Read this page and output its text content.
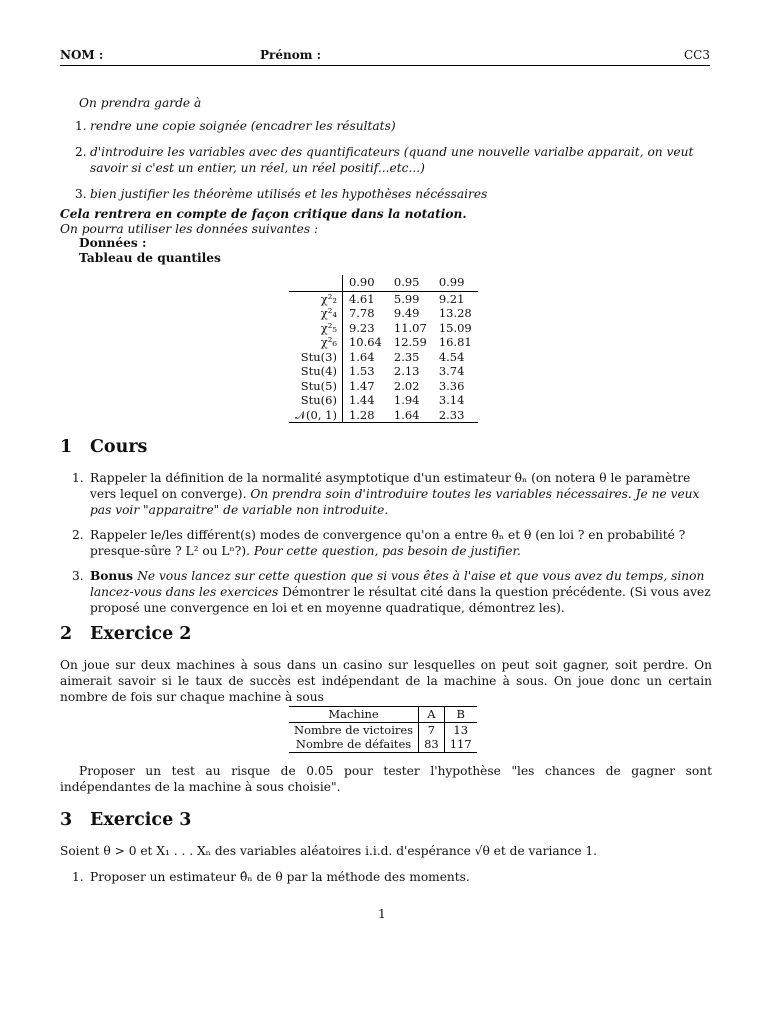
NOM :	Prénom :	CC3
On prendra garde à
1. rendre une copie soignée (encadrer les résultats)
2. d'introduire les variables avec des quantificateurs (quand une nouvelle varialbe apparait, on veut savoir si c'est un entier, un réel, un réel positif...etc...)
3. bien justifier les théorème utilisés et les hypothèses nécéssaires
Cela rentrera en compte de façon critique dans la notation.
On pourra utiliser les données suivantes :
Données :
Tableau de quantiles
	0.90	0.95	0.99
χ²₂	4.61	5.99	9.21
χ²₄	7.78	9.49	13.28
χ²₅	9.23	11.07	15.09
χ²₆	10.64	12.59	16.81
Stu(3)	1.64	2.35	4.54
Stu(4)	1.53	2.13	3.74
Stu(5)	1.47	2.02	3.36
Stu(6)	1.44	1.94	3.14
𝒩(0, 1)	1.28	1.64	2.33
1 Cours
1. Rappeler la définition de la normalité asymptotique d'un estimateur θₙ (on notera θ le paramètre vers lequel on converge). On prendra soin d'introduire toutes les variables nécessaires. Je ne veux pas voir "apparaitre" de variable non introduite.
2. Rappeler le/les différent(s) modes de convergence qu'on a entre θₙ et θ (en loi ? en probabilité ? presque-sûre ? L² ou Lⁿ?). Pour cette question, pas besoin de justifier.
3. Bonus Ne vous lancez sur cette question que si vous êtes à l'aise et que vous avez du temps, sinon lancez-vous dans les exercices Démontrer le résultat cité dans la question précédente. (Si vous avez proposé une convergence en loi et en moyenne quadratique, démontrez les).
2 Exercice 2
On joue sur deux machines à sous dans un casino sur lesquelles on peut soit gagner, soit perdre. On aimerait savoir si le taux de succès est indépendant de la machine à sous. On joue donc un certain nombre de fois sur chaque machine à sous
Machine	A	B
Nombre de victoires	7	13
Nombre de défaites	83	117
Proposer un test au risque de 0.05 pour tester l'hypothèse "les chances de gagner sont indépendantes de la machine à sous choisie".
3 Exercice 3
Soient θ > 0 et X₁ . . . Xₙ des variables aléatoires i.i.d. d'espérance √θ et de variance 1.
1. Proposer un estimateur θ̂ₙ de θ par la méthode des moments.
1
